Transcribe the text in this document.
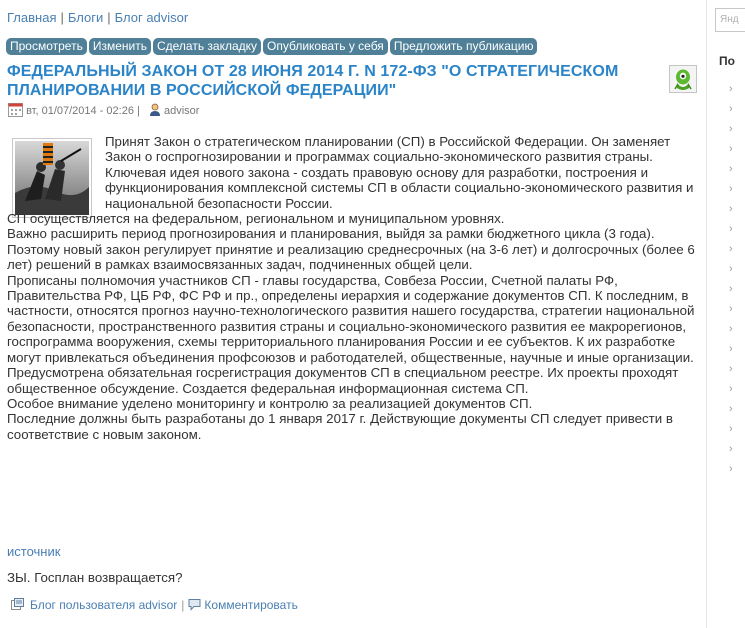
Главная | Блоги | Блог advisor
Просмотреть Изменить Сделать закладку Опубликовать у себя Предложить публикацию
ФЕДЕРАЛЬНЫЙ ЗАКОН ОТ 28 ИЮНЯ 2014 Г. N 172-ФЗ "О СТРАТЕГИЧЕСКОМ ПЛАНИРОВАНИИ В РОССИЙСКОЙ ФЕДЕРАЦИИ"
вт, 01/07/2014 - 02:26 | advisor
Принят Закон о стратегическом планировании (СП) в Российской Федерации. Он заменяет Закон о госпрогнозировании и программах социально-экономического развития страны.
Ключевая идея нового закона - создать правовую основу для разработки, построения и функционирования комплексной системы СП в области социально-экономического развития и национальной безопасности России.
СП осуществляется на федеральном, региональном и муниципальном уровнях.
Важно расширить период прогнозирования и планирования, выйдя за рамки бюджетного цикла (3 года). Поэтому новый закон регулирует принятие и реализацию среднесрочных (на 3-6 лет) и долгосрочных (более 6 лет) решений в рамках взаимосвязанных задач, подчиненных общей цели.
Прописаны полномочия участников СП - главы государства, Совбеза России, Счетной палаты РФ, Правительства РФ, ЦБ РФ, ФС РФ и пр., определены иерархия и содержание документов СП. К последним, в частности, относятся прогноз научно-технологического развития нашего государства, стратегии национальной безопасности, пространственного развития страны и социально-экономического развития ее макрорегионов, госпрограмма вооружения, схемы территориального планирования России и ее субъектов. К их разработке могут привлекаться объединения профсоюзов и работодателей, общественные, научные и иные организации.
Предусмотрена обязательная госрегистрация документов СП в специальном реестре. Их проекты проходят общественное обсуждение. Создается федеральная информационная система СП.
Особое внимание уделено мониторингу и контролю за реализацией документов СП.
Последние должны быть разработаны до 1 января 2017 г. Действующие документы СП следует привести в соответствие с новым законом.
источник
ЗЫ. Госплан возвращается?
Блог пользователя advisor | Комментировать
Янд
По
›
›
›
›
›
›
›
›
›
›
›
›
›
›
›
›
›
›
›
›
